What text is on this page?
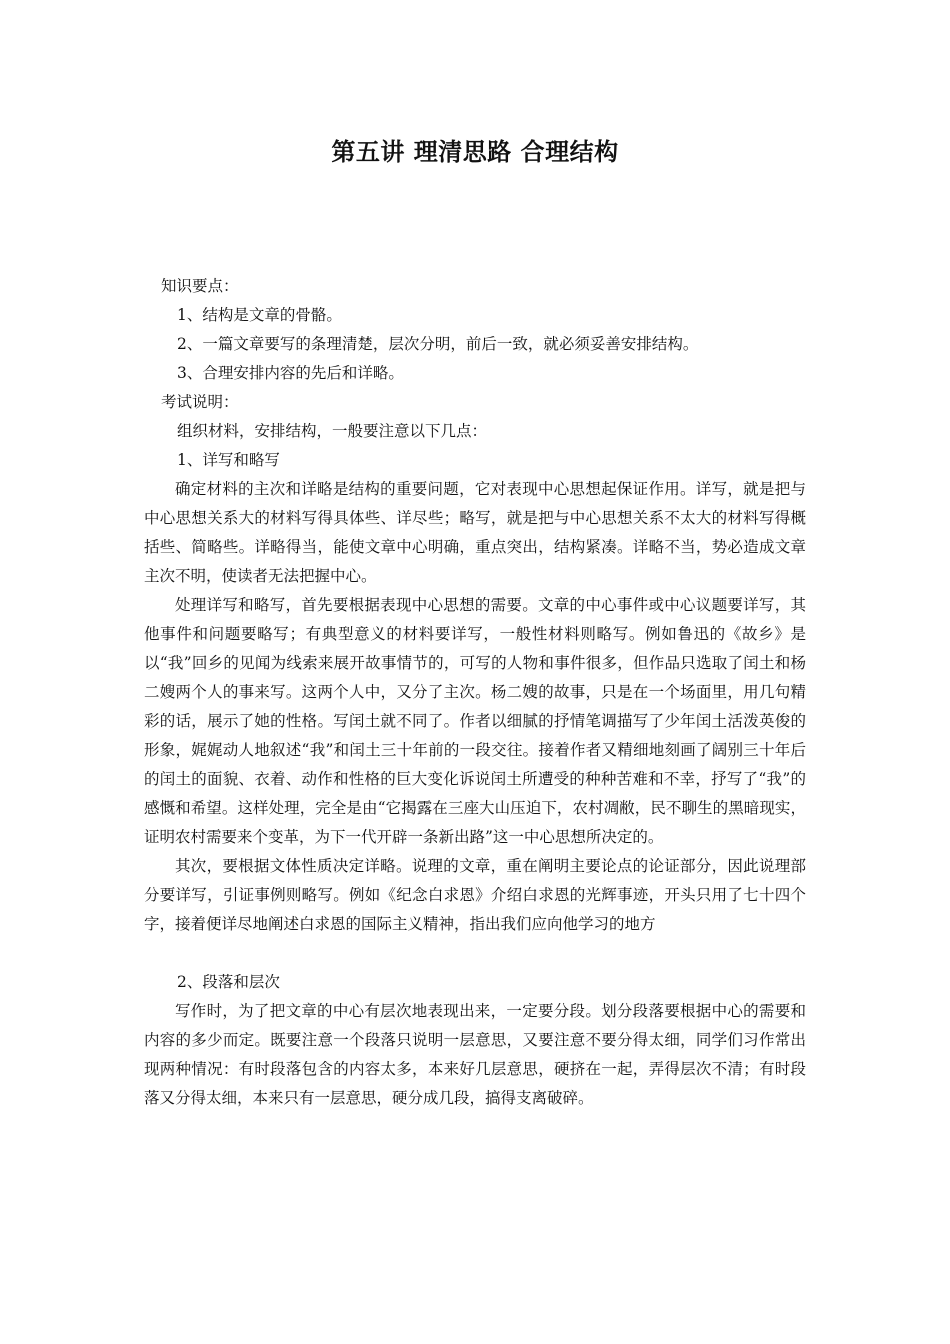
第五讲 理清思路 合理结构
知识要点：
1、结构是文章的骨骼。
2、一篇文章要写的条理清楚，层次分明，前后一致，就必须妥善安排结构。
3、合理安排内容的先后和详略。
考试说明：
组织材料，安排结构，一般要注意以下几点：
1、详写和略写

确定材料的主次和详略是结构的重要问题，它对表现中心思想起保证作用。详写，就是把与中心思想关系大的材料写得具体些、详尽些；略写，就是把与中心思想关系不太大的材料写得概括些、简略些。详略得当，能使文章中心明确，重点突出，结构紧凑。详略不当，势必造成文章主次不明，使读者无法把握中心。

处理详写和略写，首先要根据表现中心思想的需要。文章的中心事件或中心议题要详写，其他事件和问题要略写；有典型意义的材料要详写，一般性材料则略写。例如鲁迅的《故乡》是以“我”回乡的见闻为线索来展开故事情节的，可写的人物和事件很多，但作品只选取了闰土和杨二嫂两个人的事来写。这两个人中，又分了主次。杨二嫂的故事，只是在一个场面里，用几句精彩的话，展示了她的性格。写闰土就不同了。作者以细腻的抒情笔调描写了少年闰土活泼英俊的形象，娓娓动人地叙述“我”和闰土三十年前的一段交往。接着作者又精细地刻画了阔别三十年后的闰土的面貌、衣着、动作和性格的巨大变化诉说闰土所遭受的种种苦难和不幸，抒写了“我”的感慨和希望。这样处理，完全是由“它揭露在三座大山压迫下，农村凋敝，民不聊生的黑暗现实，证明农村需要来个变革，为下一代开辟一条新出路”这一中心思想所决定的。

其次，要根据文体性质决定详略。说理的文章，重在阐明主要论点的论证部分，因此说理部分要详写，引证事例则略写。例如《纪念白求恩》介绍白求恩的光辉事迹，开头只用了七十四个字，接着便详尽地阐述白求恩的国际主义精神，指出我们应向他学习的地方

2、段落和层次

写作时，为了把文章的中心有层次地表现出来，一定要分段。划分段落要根据中心的需要和内容的多少而定。既要注意一个段落只说明一层意思，又要注意不要分得太细，同学们习作常出现两种情况：有时段落包含的内容太多，本来好几层意思，硬挤在一起，弄得层次不清；有时段落又分得太细，本来只有一层意思，硬分成几段，搞得支离破碎。
